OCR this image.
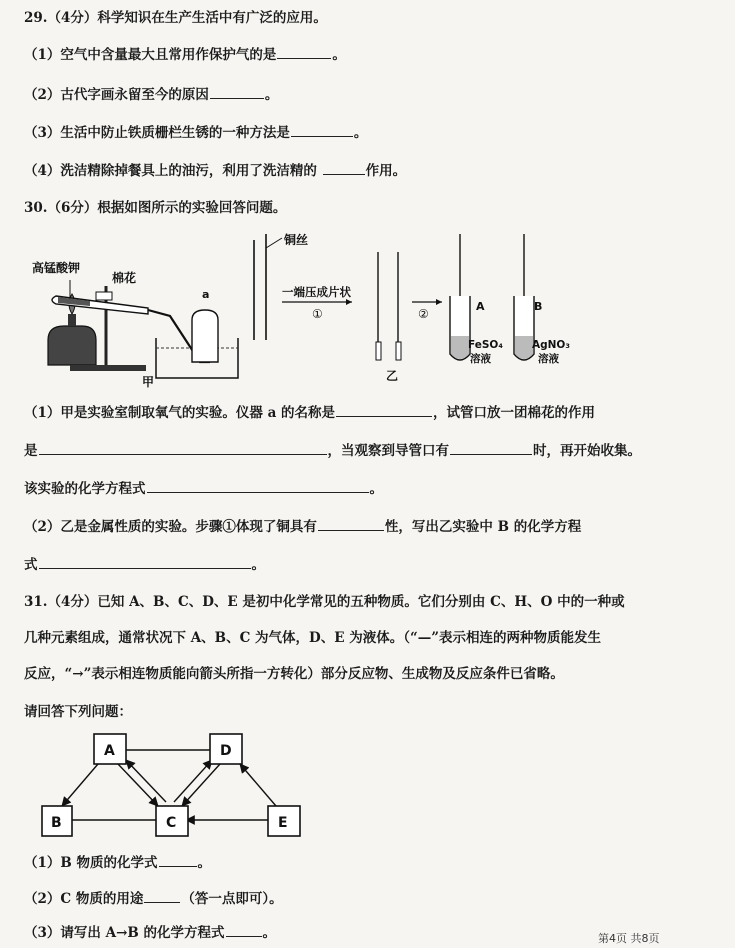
29.（4分）科学知识在生产生活中有广泛的应用。
（1）空气中含量最大且常用作保护气的是	。
（2）古代字画永留至今的原因	。
（3）生活中防止铁质栅栏生锈的一种方法是	。
（4）洗洁精除掉餐具上的油污，利用了洗洁精的	作用。
30.（6分）根据如图所示的实验回答问题。
高锰酸钾
棉花
a
甲
铜丝
一端压成片状
①	②
A
FeSO₄
溶液
B
AgNO₃
溶液
乙
（1）甲是实验室制取氧气的实验。仪器 a 的名称是	，试管口放一团棉花的作用
是	，当观察到导管口有	时，再开始收集。
该实验的化学方程式	。
（2）乙是金属性质的实验。步骤①体现了铜具有	性，写出乙实验中 B 的化学方程
式	。
31.（4分）已知 A、B、C、D、E 是初中化学常见的五种物质。它们分别由 C、H、O 中的一种或
几种元素组成，通常状况下 A、B、C 为气体，D、E 为液体。（“—”表示相连的两种物质能发生
反应，“→”表示相连物质能向箭头所指一方转化）部分反应物、生成物及反应条件已省略。
请回答下列问题：
A	D
B	C	E
（1）B 物质的化学式	。
（2）C 物质的用途	（答一点即可）。
（3）请写出 A→B 的化学方程式	。	第4页 共8页
